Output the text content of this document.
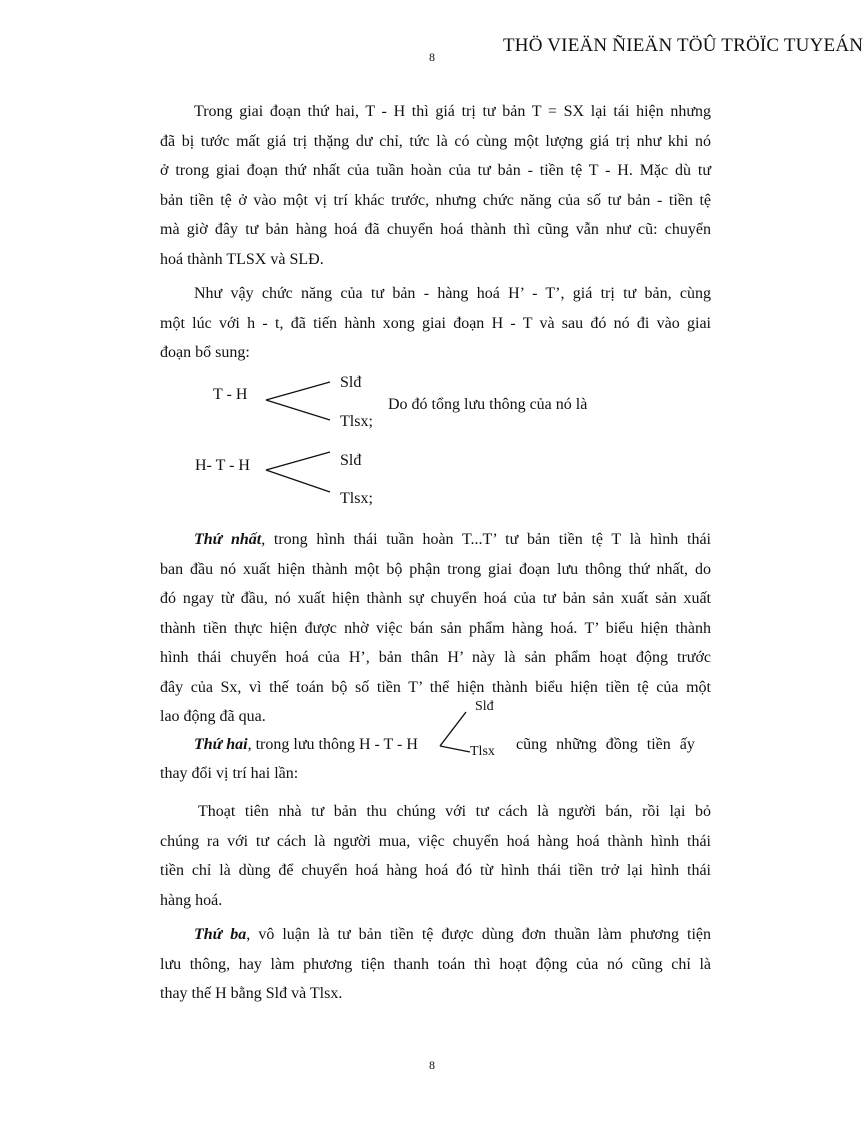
8
THÖ VIEÄN ÑIEÄN TÖÛ TRÖÏC TUYEÁN
Trong giai đoạn thứ hai, T - H thì giá trị tư bản T = SX lại tái hiện nhưng
đã bị tước mất giá trị thặng dư chỉ, tức là có cùng một lượng giá trị như khi nó
ở trong giai đoạn thứ nhất của tuần hoàn của tư bản - tiền tệ T - H. Mặc dù tư
bản tiền tệ ở vào một vị trí khác trước, nhưng chức năng của số tư bản - tiền tệ
mà giờ đây tư bản hàng hoá đã chuyển hoá thành thì cũng vẫn như cũ: chuyển
hoá thành TLSX và SLĐ.
Như vậy chức năng của tư bản - hàng hoá H’ - T’, giá trị tư bản, cùng
một lúc với h - t, đã tiến hành xong giai đoạn H - T và sau đó nó đi vào giai
đoạn bổ sung:
T - H
Slđ
Tlsx;
Do đó tổng lưu thông của nó là
H- T - H	Slđ
Tlsx;
Thứ nhất, trong hình thái tuần hoàn T...T’ tư bản tiền tệ T là hình thái
ban đầu nó xuất hiện thành một bộ phận trong giai đoạn lưu thông thứ nhất, do
đó ngay từ đầu, nó xuất hiện thành sự chuyển hoá của tư bản sản xuất sản xuất
thành tiền thực hiện được nhờ việc bán sản phẩm hàng hoá. T’ biểu hiện thành
hình thái chuyển hoá của H’, bản thân H’ này là sản phẩm hoạt động trước
đây của Sx, vì thế toán bộ số tiền T’ thể hiện thành biểu hiện tiền tệ của một
lao động đã qua.
Slđ
Tlsx
Thứ hai, trong lưu thông H - T - H	cũng những đồng tiền ấy
thay đổi vị trí hai lần:
Thoạt tiên nhà tư bản thu chúng với tư cách là người bán, rồi lại bỏ
chúng ra với tư cách là người mua, việc chuyển hoá hàng hoá thành hình thái
tiền chỉ là dùng để chuyển hoá hàng hoá đó từ hình thái tiền trở lại hình thái
hàng hoá.
Thứ ba, vô luận là tư bản tiền tệ được dùng đơn thuần làm phương tiện
lưu thông, hay làm phương tiện thanh toán thì hoạt động của nó cũng chỉ là
thay thế H bằng Slđ và Tlsx.
8
